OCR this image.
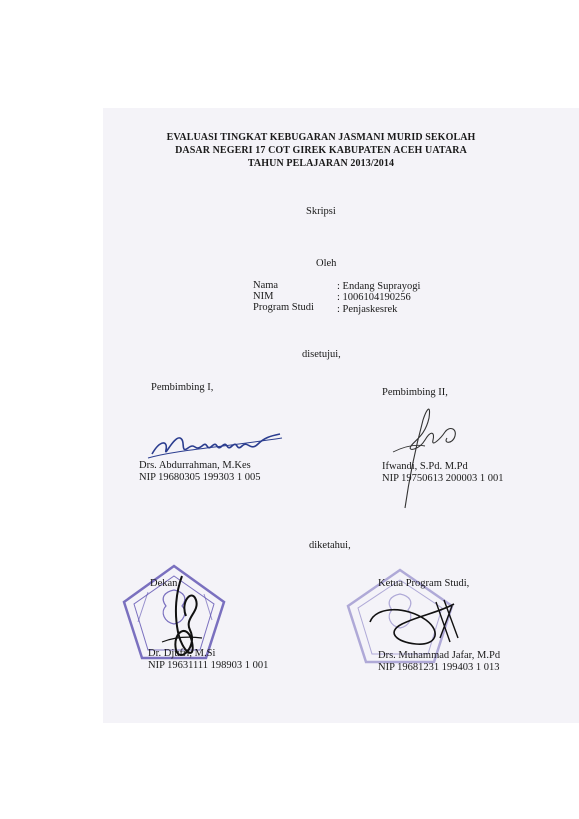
EVALUASI TINGKAT KEBUGARAN JASMANI MURID SEKOLAH
DASAR NEGERI 17 COT GIREK KABUPATEN ACEH UATARA
TAHUN PELAJARAN 2013/2014
Skripsi
Oleh
Nama	: Endang Suprayogi
NIM	: 1006104190256
Program Studi : Penjaskesrek
disetujui,
Pembimbing I,	Pembimbing II,
Drs. Abdurrahman, M.Kes
NIP 19680305 199303 1 005
Ifwandi, S.Pd. M.Pd
NIP 19750613 200003 1 001
diketahui,
Dekan,
Dr. Djufri, M.Si
NIP 19631111 198903 1 001
Ketua Program Studi,
Drs. Muhammad Jafar, M.Pd
NIP 19681231 199403 1 013
